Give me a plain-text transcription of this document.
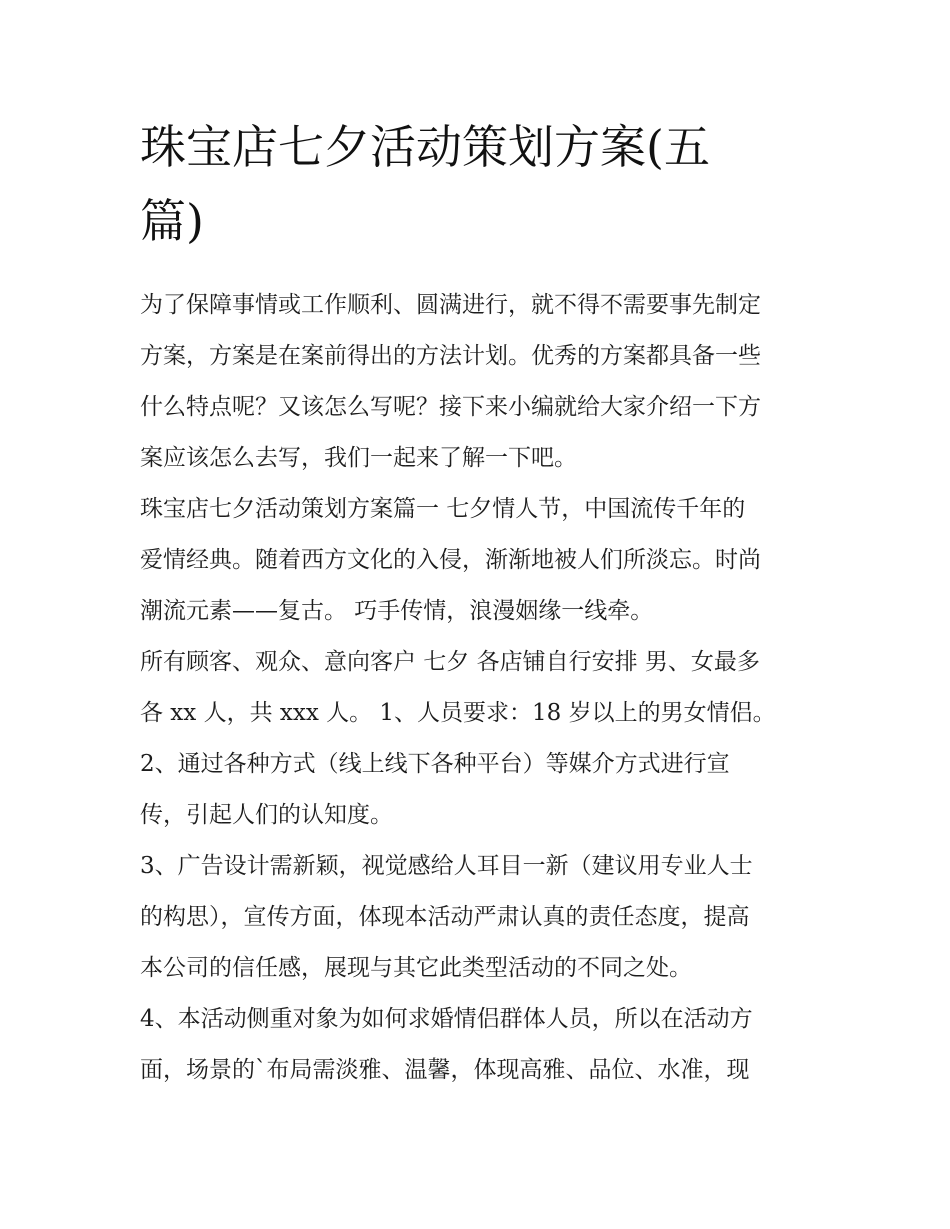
珠宝店七夕活动策划方案(五
篇)
为了保障事情或工作顺利、圆满进行，就不得不需要事先制定
方案，方案是在案前得出的方法计划。优秀的方案都具备一些
什么特点呢？又该怎么写呢？接下来小编就给大家介绍一下方
案应该怎么去写，我们一起来了解一下吧。
珠宝店七夕活动策划方案篇一 七夕情人节，中国流传千年的
爱情经典。随着西方文化的入侵，渐渐地被人们所淡忘。时尚
潮流元素——复古。 巧手传情，浪漫姻缘一线牵。
所有顾客、观众、意向客户 七夕 各店铺自行安排 男、女最多
各 xx 人，共 xxx 人。 1、人员要求：18 岁以上的男女情侣。
2、通过各种方式（线上线下各种平台）等媒介方式进行宣
传，引起人们的认知度。
3、广告设计需新颖，视觉感给人耳目一新（建议用专业人士
的构思），宣传方面，体现本活动严肃认真的责任态度，提高
本公司的信任感，展现与其它此类型活动的不同之处。
4、本活动侧重对象为如何求婚情侣群体人员，所以在活动方
面，场景的`布局需淡雅、温馨，体现高雅、品位、水准，现
